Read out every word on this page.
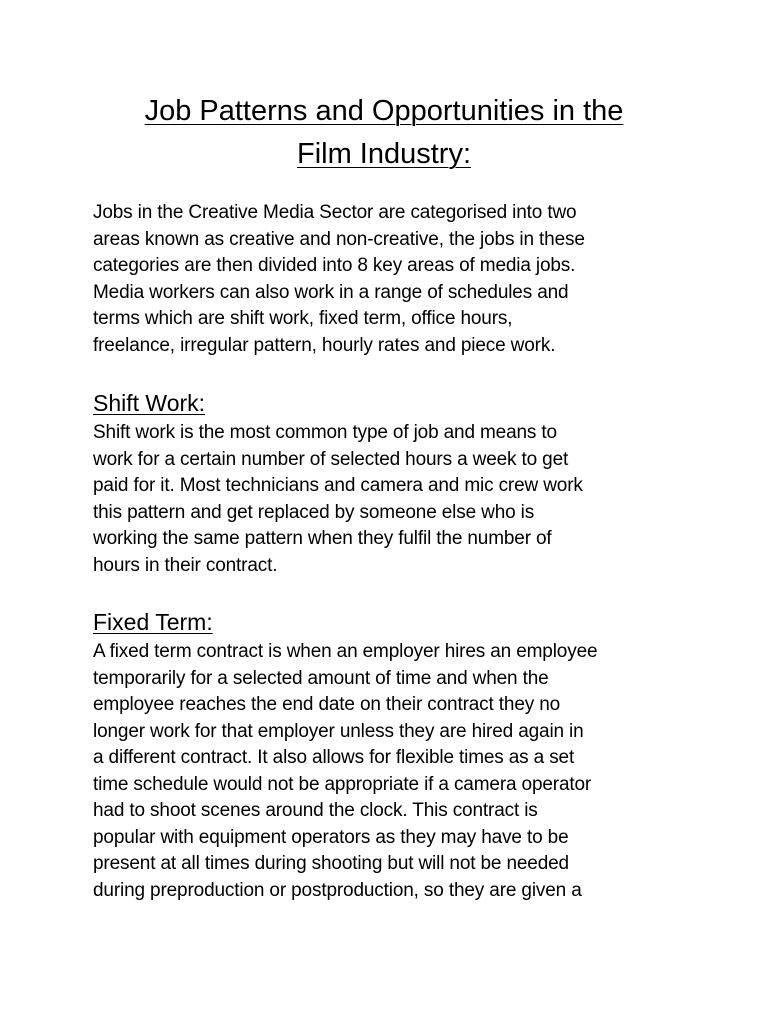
Job Patterns and Opportunities in the
Film Industry:

Jobs in the Creative Media Sector are categorised into two
areas known as creative and non-creative, the jobs in these
categories are then divided into 8 key areas of media jobs.
Media workers can also work in a range of schedules and
terms which are shift work, fixed term, office hours,
freelance, irregular pattern, hourly rates and piece work.

Shift Work:

Shift work is the most common type of job and means to
work for a certain number of selected hours a week to get
paid for it. Most technicians and camera and mic crew work
this pattern and get replaced by someone else who is
working the same pattern when they fulfil the number of
hours in their contract.

Fixed Term:

A fixed term contract is when an employer hires an employee
temporarily for a selected amount of time and when the
employee reaches the end date on their contract they no
longer work for that employer unless they are hired again in
a different contract. It also allows for flexible times as a set
time schedule would not be appropriate if a camera operator
had to shoot scenes around the clock. This contract is
popular with equipment operators as they may have to be
present at all times during shooting but will not be needed
during preproduction or postproduction, so they are given a
